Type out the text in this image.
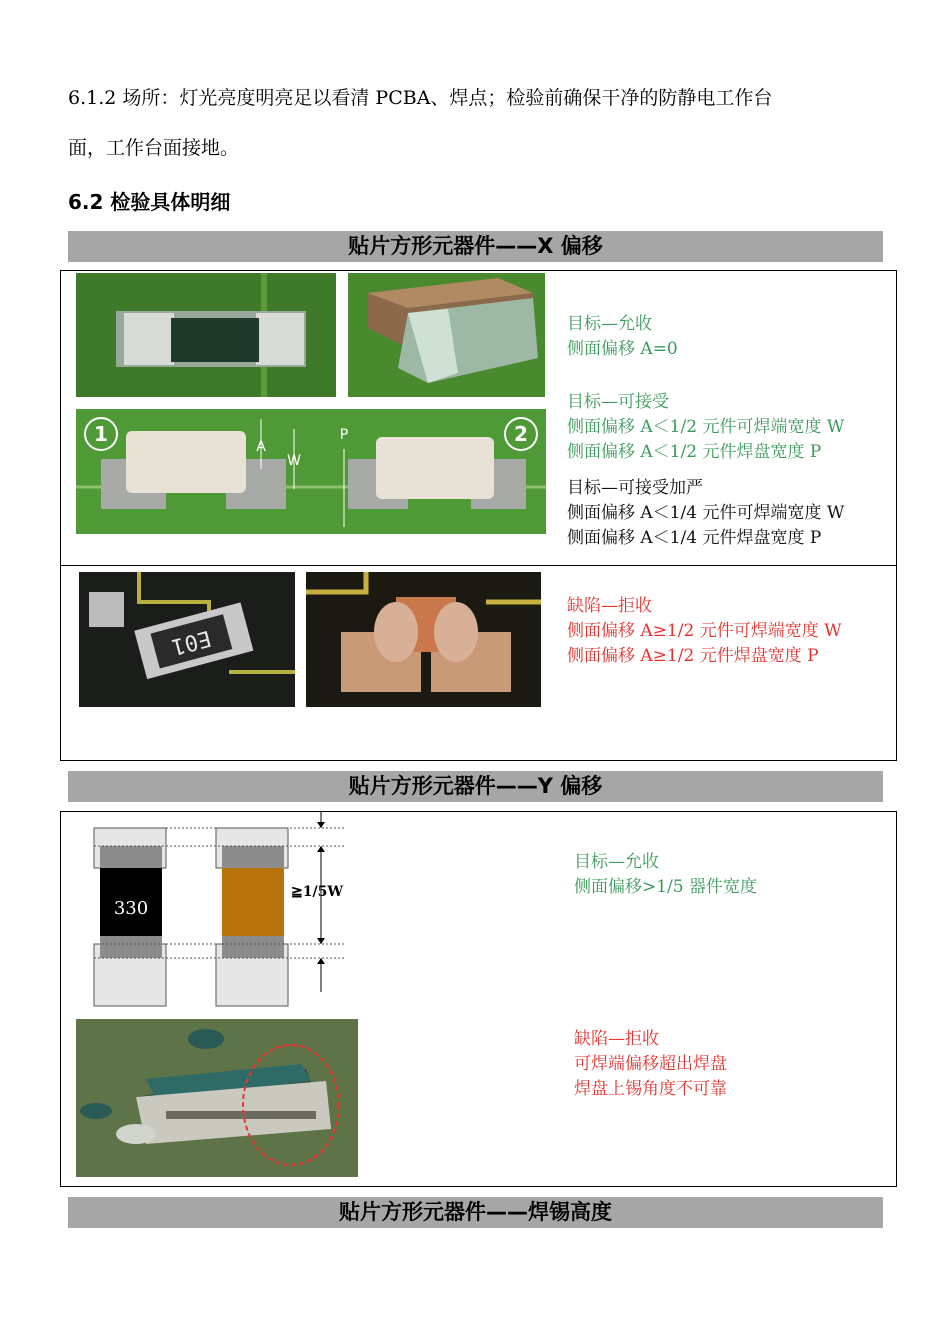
6.1.2 场所：灯光亮度明亮足以看清 PCBA、焊点；检验前确保干净的防静电工作台
面，工作台面接地。
6.2 检验具体明细
贴片方形元器件——X 偏移
1	2
A
W
P
目标—允收
侧面偏移 A=0
目标—可接受
侧面偏移 A＜1/2 元件可焊端宽度 W
侧面偏移 A＜1/2 元件焊盘宽度 P
目标—可接受加严
侧面偏移 A＜1/4 元件可焊端宽度 W
侧面偏移 A＜1/4 元件焊盘宽度 P
E01
缺陷—拒收
侧面偏移 A≥1/2 元件可焊端宽度 W
侧面偏移 A≥1/2 元件焊盘宽度 P
贴片方形元器件——Y 偏移
330
≧1/5W
目标—允收
侧面偏移>1/5 器件宽度
缺陷—拒收
可焊端偏移超出焊盘
焊盘上锡角度不可靠
贴片方形元器件——焊锡高度
